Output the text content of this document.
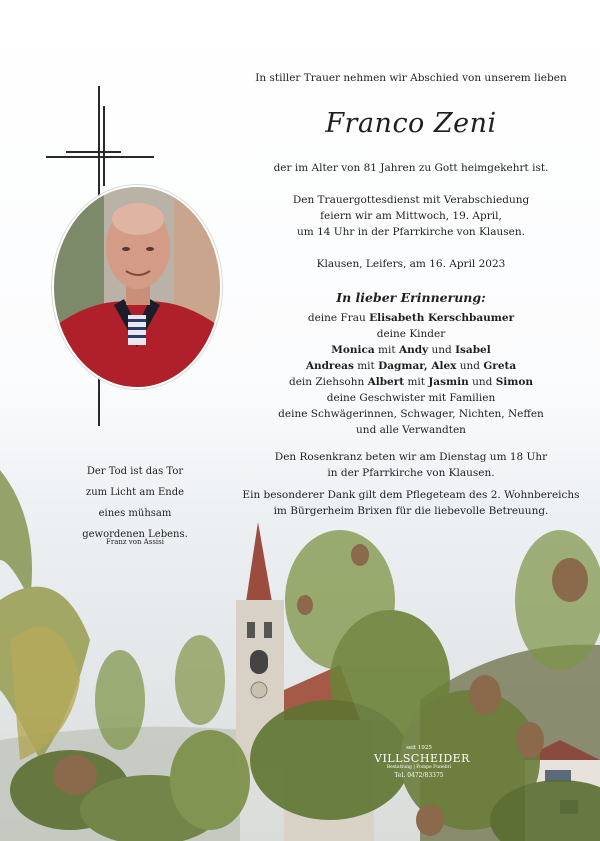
In stiller Trauer nehmen wir Abschied von unserem lieben
Franco Zeni
der im Alter von 81 Jahren zu Gott heimgekehrt ist.
Den Trauergottesdienst mit Verabschiedung
feiern wir am Mittwoch, 19. April,
um 14 Uhr in der Pfarrkirche von Klausen.
Klausen, Leifers, am 16. April 2023
In lieber Erinnerung:
deine Frau Elisabeth Kerschbaumer
deine Kinder
Monica mit Andy und Isabel
Andreas mit Dagmar, Alex und Greta
dein Ziehsohn Albert mit Jasmin und Simon
deine Geschwister mit Familien
deine Schwägerinnen, Schwager, Nichten, Neffen
und alle Verwandten
Den Rosenkranz beten wir am Dienstag um 18 Uhr
in der Pfarrkirche von Klausen.
Ein besonderer Dank gilt dem Pflegeteam des 2. Wohnbereichs
im Bürgerheim Brixen für die liebevolle Betreuung.
Der Tod ist das Tor
zum Licht am Ende
eines mühsam
gewordenen Lebens.
Franz von Assisi
seit 1925
VILLSCHEIDER
Bestattung | Pompe Funebri
Tel. 0472/83375
